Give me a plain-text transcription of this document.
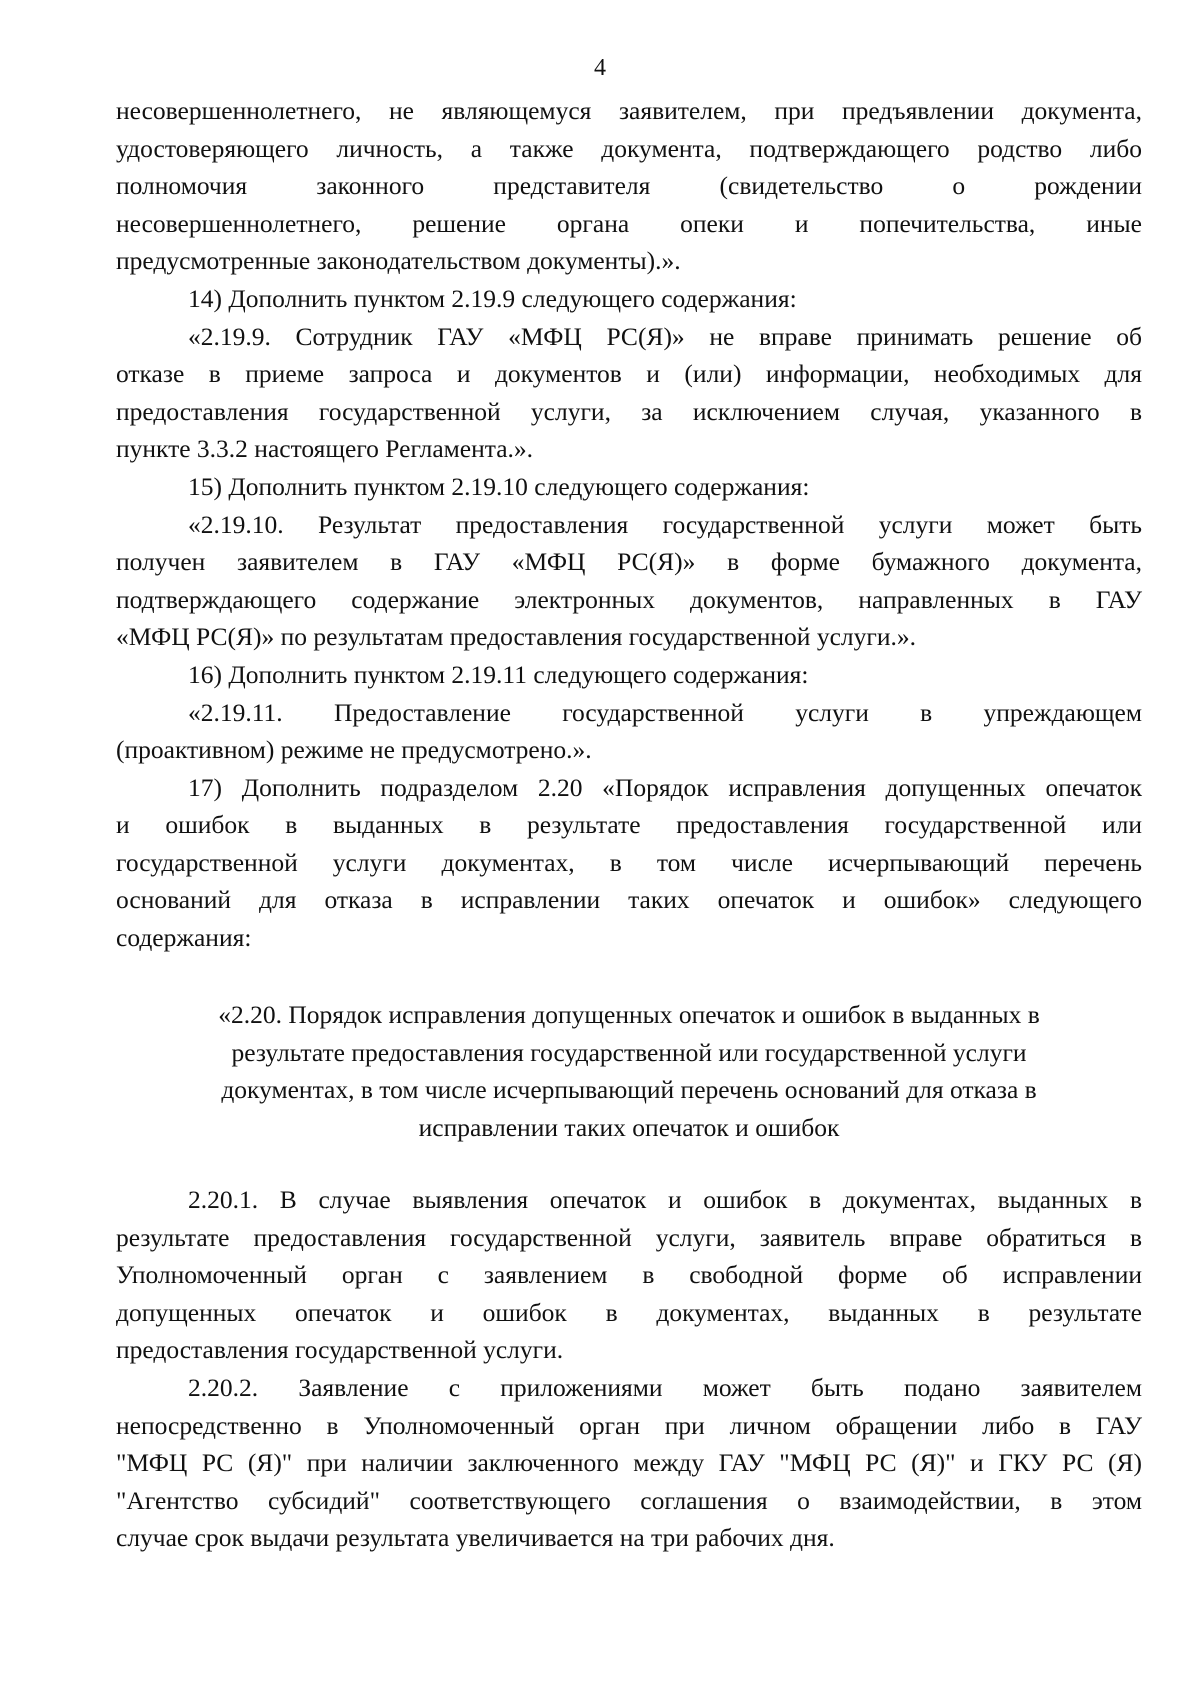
4

несовершеннолетнего, не являющемуся заявителем, при предъявлении документа,

удостоверяющего личность, а также документа, подтверждающего родство либо

полномочия законного представителя (свидетельство о рождении

несовершеннолетнего, решение органа опеки и попечительства, иные

предусмотренные законодательством документы).».

14) Дополнить пунктом 2.19.9 следующего содержания:

«2.19.9. Сотрудник ГАУ «МФЦ РС(Я)» не вправе принимать решение об

отказе в приеме запроса и документов и (или) информации, необходимых для

предоставления государственной услуги, за исключением случая, указанного в

пункте 3.3.2 настоящего Регламента.».

15) Дополнить пунктом 2.19.10 следующего содержания:

«2.19.10. Результат предоставления государственной услуги может быть

получен заявителем в ГАУ «МФЦ РС(Я)» в форме бумажного документа,

подтверждающего содержание электронных документов, направленных в ГАУ

«МФЦ РС(Я)» по результатам предоставления государственной услуги.».

16) Дополнить пунктом 2.19.11 следующего содержания:

«2.19.11. Предоставление государственной услуги в упреждающем

(проактивном) режиме не предусмотрено.».

17) Дополнить подразделом 2.20 «Порядок исправления допущенных опечаток

и ошибок в выданных в результате предоставления государственной или

государственной услуги документах, в том числе исчерпывающий перечень

оснований для отказа в исправлении таких опечаток и ошибок» следующего

содержания:

«2.20. Порядок исправления допущенных опечаток и ошибок в выданных в

результате предоставления государственной или государственной услуги

документах, в том числе исчерпывающий перечень оснований для отказа в

исправлении таких опечаток и ошибок

2.20.1. В случае выявления опечаток и ошибок в документах, выданных в

результате предоставления государственной услуги, заявитель вправе обратиться в

Уполномоченный орган с заявлением в свободной форме об исправлении

допущенных опечаток и ошибок в документах, выданных в результате

предоставления государственной услуги.

2.20.2. Заявление с приложениями может быть подано заявителем

непосредственно в Уполномоченный орган при личном обращении либо в ГАУ

"МФЦ РС (Я)" при наличии заключенного между ГАУ "МФЦ РС (Я)" и ГКУ РС (Я)

"Агентство субсидий" соответствующего соглашения о взаимодействии, в этом

случае срок выдачи результата увеличивается на три рабочих дня.
